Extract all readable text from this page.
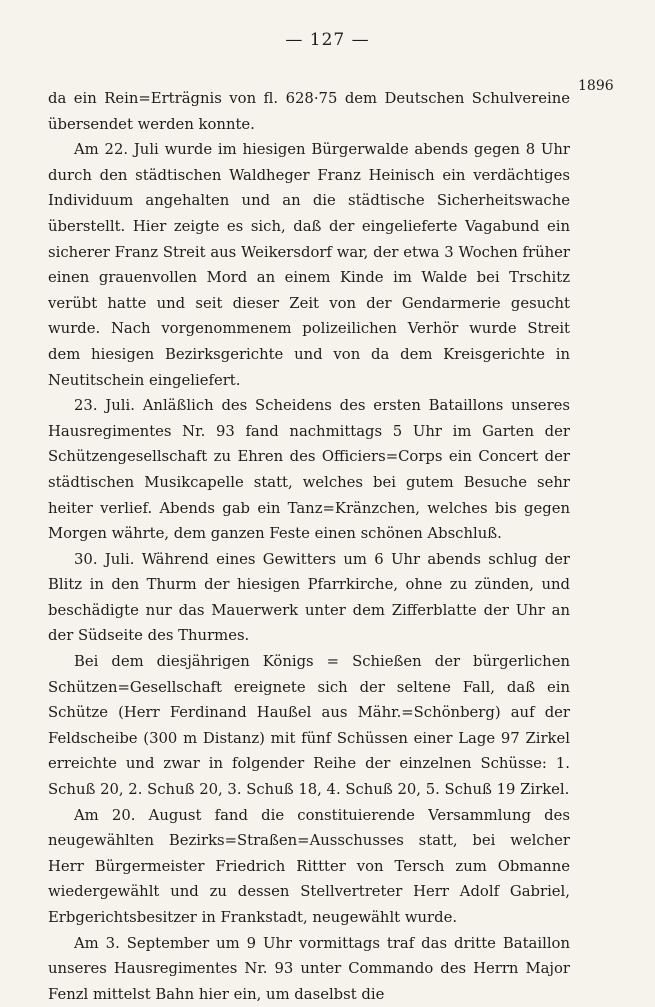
— 127 —
1896

da ein Rein=Erträgnis von fl. 628·75 dem Deutschen Schulvereine übersendet werden konnte.

Am 22. Juli wurde im hiesigen Bürgerwalde abends gegen 8 Uhr durch den städtischen Waldheger Franz Heinisch ein verdächtiges Individuum angehalten und an die städtische Sicherheitswache überstellt. Hier zeigte es sich, daß der eingelieferte Vagabund ein sicherer Franz Streit aus Weikersdorf war, der etwa 3 Wochen früher einen grauenvollen Mord an einem Kinde im Walde bei Trschitz verübt hatte und seit dieser Zeit von der Gendarmerie gesucht wurde. Nach vorgenommenem polizeilichen Verhör wurde Streit dem hiesigen Bezirksgerichte und von da dem Kreisgerichte in Neutitschein eingeliefert.

23. Juli. Anläßlich des Scheidens des ersten Bataillons unseres Hausregimentes Nr. 93 fand nachmittags 5 Uhr im Garten der Schützengesellschaft zu Ehren des Officiers=Corps ein Concert der städtischen Musikcapelle statt, welches bei gutem Besuche sehr heiter verlief. Abends gab ein Tanz=Kränzchen, welches bis gegen Morgen währte, dem ganzen Feste einen schönen Abschluß.

30. Juli. Während eines Gewitters um 6 Uhr abends schlug der Blitz in den Thurm der hiesigen Pfarrkirche, ohne zu zünden, und beschädigte nur das Mauerwerk unter dem Zifferblatte der Uhr an der Südseite des Thurmes.

Bei dem diesjährigen Königs = Schießen der bürgerlichen Schützen=Gesellschaft ereignete sich der seltene Fall, daß ein Schütze (Herr Ferdinand Haußel aus Mähr.=Schönberg) auf der Feldscheibe (300 m Distanz) mit fünf Schüssen einer Lage 97 Zirkel erreichte und zwar in folgender Reihe der einzelnen Schüsse: 1. Schuß 20, 2. Schuß 20, 3. Schuß 18, 4. Schuß 20, 5. Schuß 19 Zirkel.

Am 20. August fand die constituierende Versammlung des neugewählten Bezirks=Straßen=Ausschusses statt, bei welcher Herr Bürgermeister Friedrich Rittter von Tersch zum Obmanne wiedergewählt und zu dessen Stellvertreter Herr Adolf Gabriel, Erbgerichtsbesitzer in Frankstadt, neugewählt wurde.

Am 3. September um 9 Uhr vormittags traf das dritte Bataillon unseres Hausregimentes Nr. 93 unter Commando des Herrn Major Fenzl mittelst Bahn hier ein, um daselbst die
